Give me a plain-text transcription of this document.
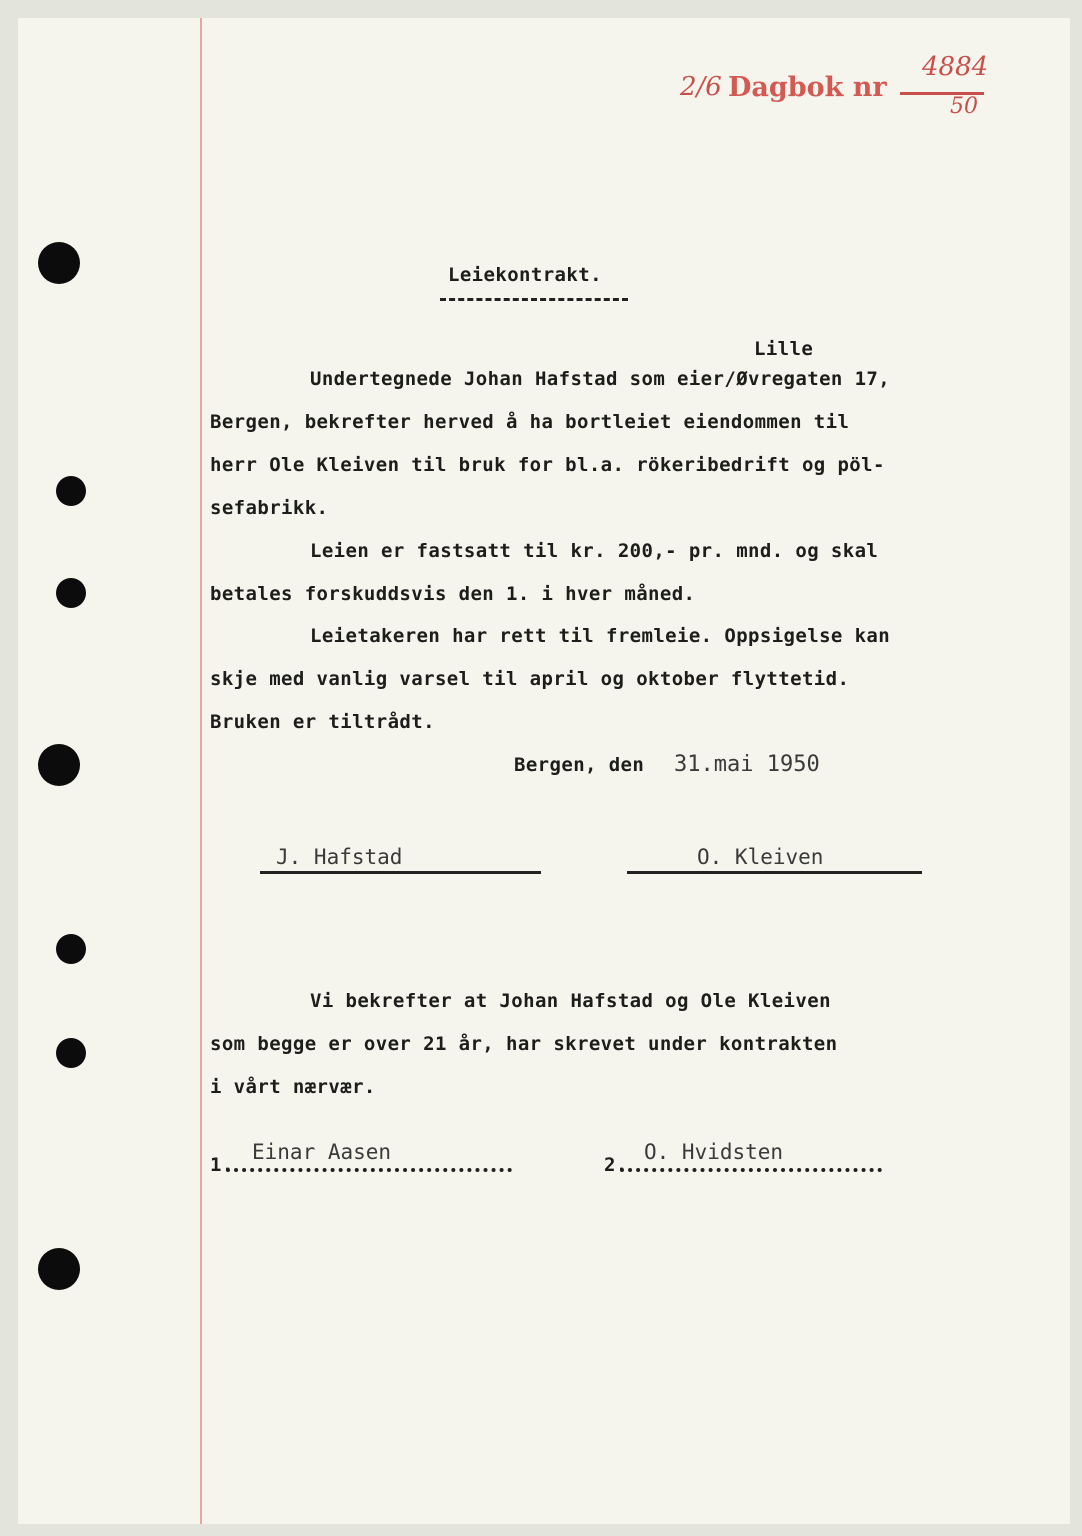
2/6 Dagbok nr
4884
50
Leiekontrakt.
Lille
Undertegnede Johan Hafstad som eier/Øvregaten 17,
Bergen, bekrefter herved å ha bortleiet eiendommen til
herr Ole Kleiven til bruk for bl.a. rökeribedrift og pöl-
sefabrikk.
Leien er fastsatt til kr. 200,- pr. mnd. og skal
betales forskuddsvis den 1. i hver måned.
Leietakeren har rett til fremleie. Oppsigelse kan
skje med vanlig varsel til april og oktober flyttetid.
Bruken er tiltrådt.
Bergen, den 31.mai 1950
J. Hafstad	O. Kleiven
Vi bekrefter at Johan Hafstad og Ole Kleiven
som begge er over 21 år, har skrevet under kontrakten
i vårt nærvær.
1.
Einar Aasen
2.
O. Hvidsten
